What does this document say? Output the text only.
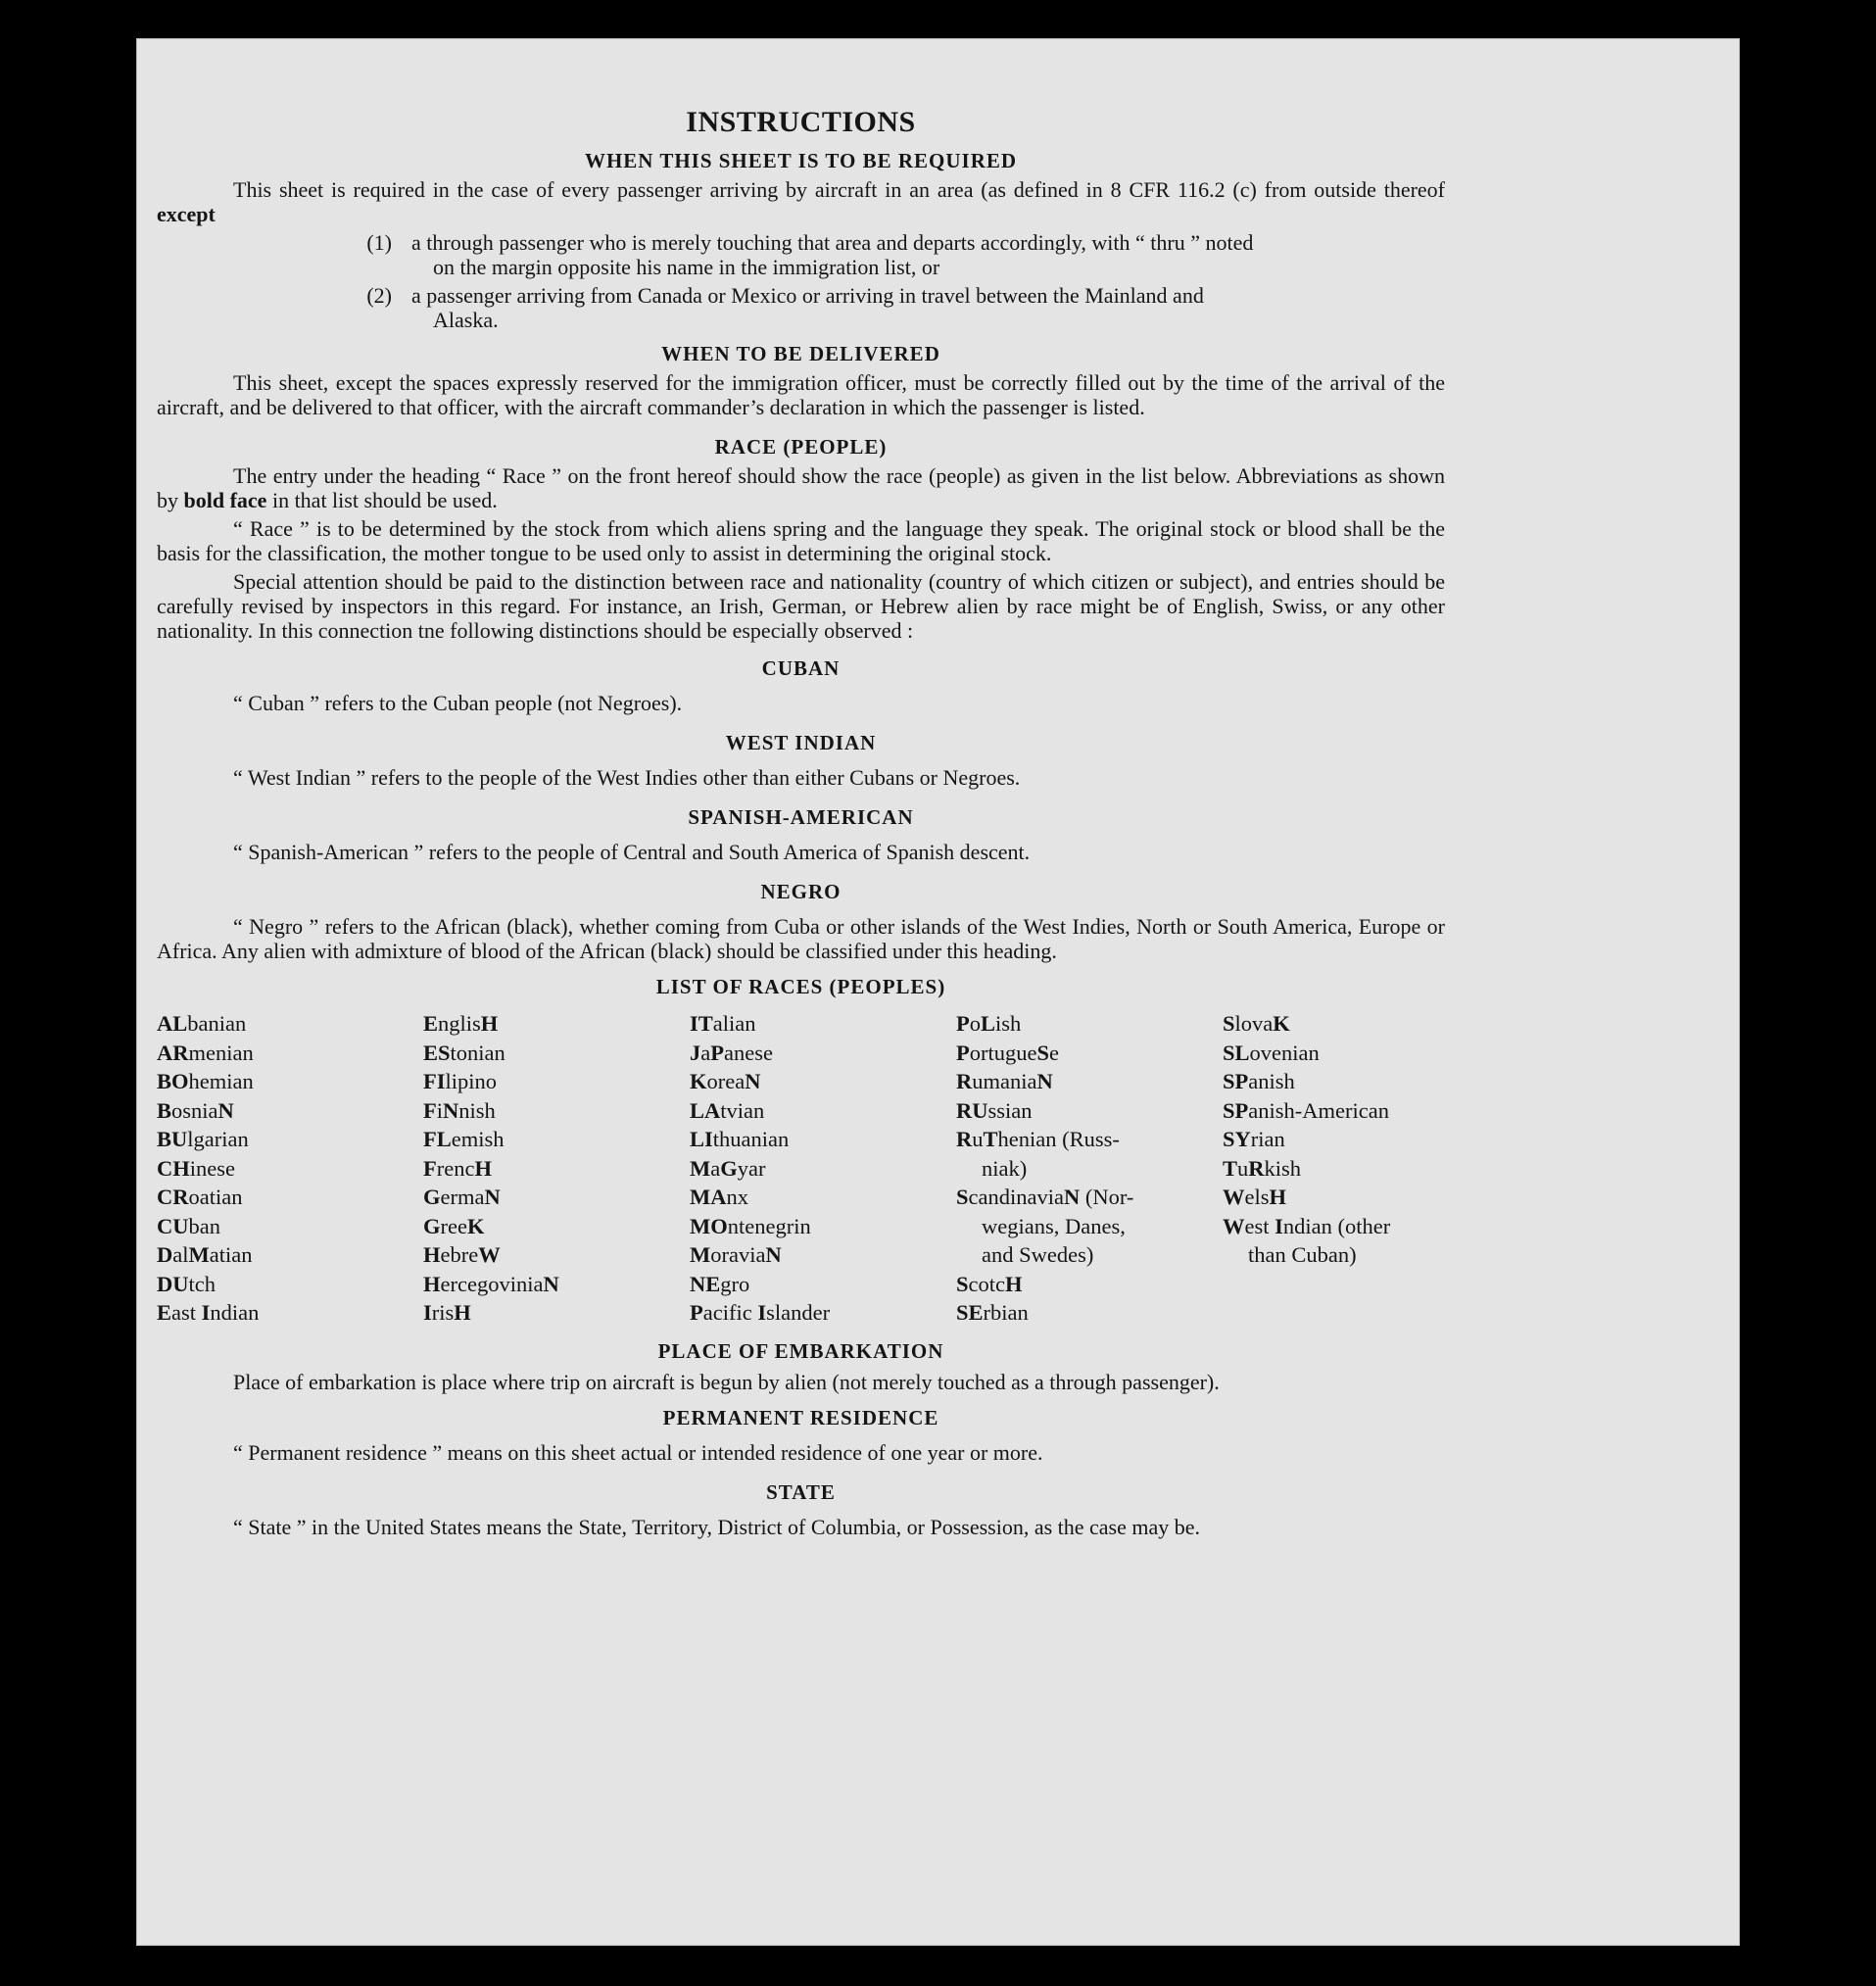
INSTRUCTIONS
WHEN THIS SHEET IS TO BE REQUIRED

This sheet is required in the case of every passenger arriving by aircraft in an area (as defined in 8 CFR 116.2 (c) from outside thereof except

(1) a through passenger who is merely touching that area and departs accordingly, with “ thru ” noted
on the margin opposite his name in the immigration list, or
(2) a passenger arriving from Canada or Mexico or arriving in travel between the Mainland and
Alaska.
WHEN TO BE DELIVERED

This sheet, except the spaces expressly reserved for the immigration officer, must be correctly filled out by the time of the arrival of the aircraft, and be delivered to that officer, with the aircraft commander’s declaration in which the passenger is listed.

RACE (PEOPLE)

The entry under the heading “ Race ” on the front hereof should show the race (people) as given in the list below. Abbreviations as shown by bold face in that list should be used.

“ Race ” is to be determined by the stock from which aliens spring and the language they speak. The original stock or blood shall be the basis for the classification, the mother tongue to be used only to assist in determining the original stock.

Special attention should be paid to the distinction between race and nationality (country of which citizen or subject), and entries should be carefully revised by inspectors in this regard. For instance, an Irish, German, or Hebrew alien by race might be of English, Swiss, or any other nationality. In this connection tne following distinctions should be especially observed :

CUBAN

“ Cuban ” refers to the Cuban people (not Negroes).

WEST INDIAN

“ West Indian ” refers to the people of the West Indies other than either Cubans or Negroes.

SPANISH-AMERICAN

“ Spanish-American ” refers to the people of Central and South America of Spanish descent.

NEGRO

“ Negro ” refers to the African (black), whether coming from Cuba or other islands of the West Indies, North or South America, Europe or Africa. Any alien with admixture of blood of the African (black) should be classified under this heading.

LIST OF RACES (PEOPLES)
ALbanian
ARmenian
BOhemian
BosniaN
BUlgarian
CHinese
CRoatian
CUban
DalMatian
DUtch
East Indian
EnglisH
EStonian
FIlipino
FiNnish
FLemish
FrencH
GermaN
GreeK
HebreW
HercegoviniaN
IrisH
ITalian
JaPanese
KoreaN
LAtvian
LIthuanian
MaGyar
MAnx
MOntenegrin
MoraviaN
NEgro
Pacific Islander
PoLish
PortugueSe
RumaniaN
RUssian
RuThenian (Russ-
niak)
ScandinaviaN (Nor-
wegians, Danes,
and Swedes)
ScotcH
SErbian
SlovaK
SLovenian
SPanish
SPanish-American
SYrian
TuRkish
WelsH
West Indian (other
than Cuban)
PLACE OF EMBARKATION

Place of embarkation is place where trip on aircraft is begun by alien (not merely touched as a through passenger).

PERMANENT RESIDENCE

“ Permanent residence ” means on this sheet actual or intended residence of one year or more.

STATE

“ State ” in the United States means the State, Territory, District of Columbia, or Possession, as the case may be.
